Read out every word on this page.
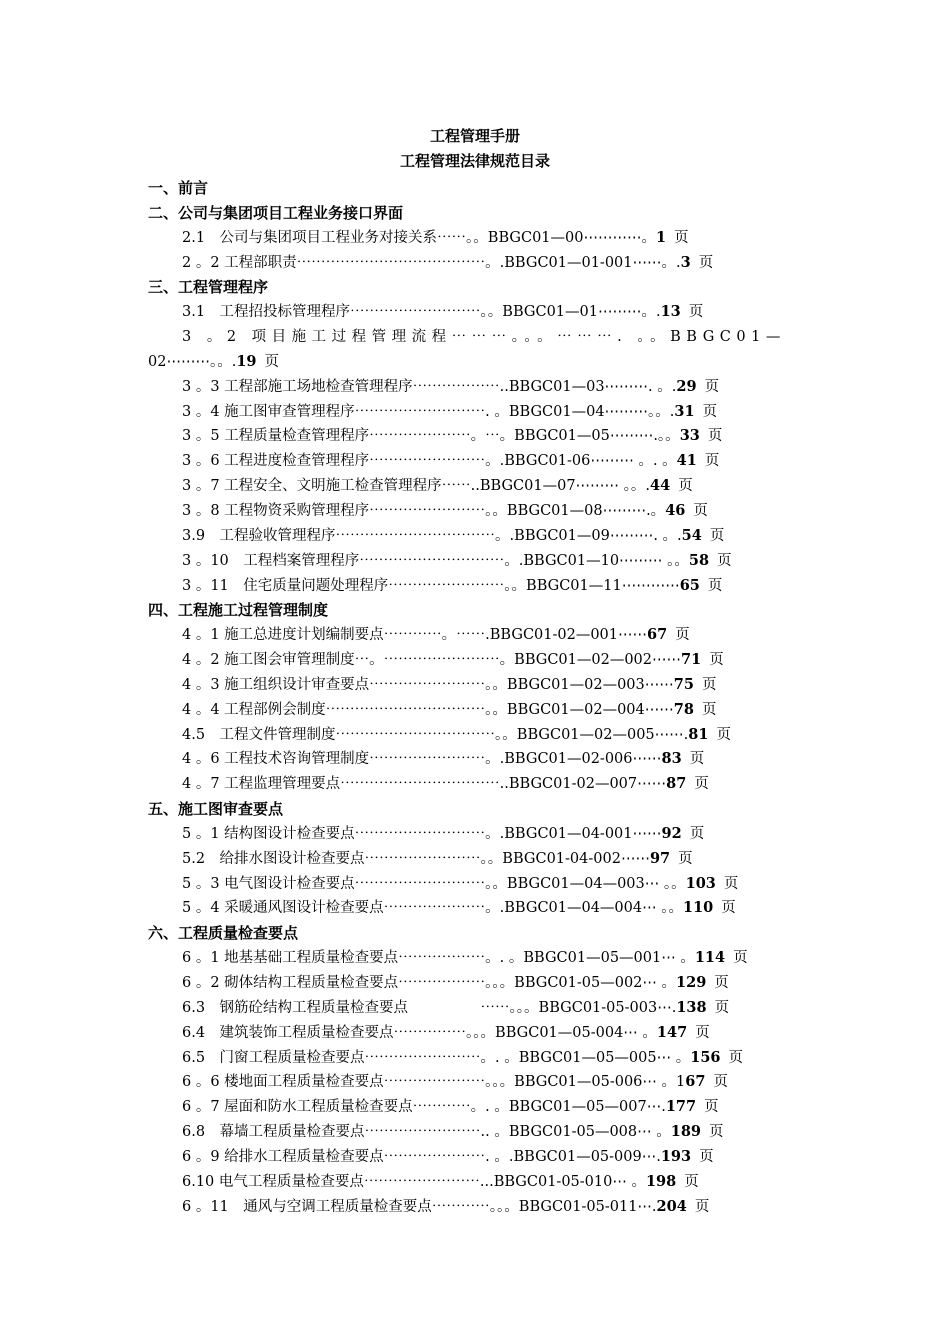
工程管理手册
工程管理法律规范目录
一、前言
二、公司与集团项目工程业务接口界面
2.1　公司与集团项目工程业务对接关系⋯⋯。。BBGC01—00⋯⋯⋯⋯。1 页
2 。2 工程部职责⋯⋯⋯⋯⋯⋯⋯⋯⋯⋯⋯⋯⋯。.BBGC01—01-001⋯⋯。.3 页
三、工程管理程序
3.1　工程招投标管理程序⋯⋯⋯⋯⋯⋯⋯⋯⋯。。BBGC01—01⋯⋯⋯。.13 页
3 。2 项目施工过程管理流程⋯⋯⋯。。。⋯⋯⋯. 。。BBGC01—
02⋯⋯⋯。。.19 页
3 。3 工程部施工场地检查管理程序⋯⋯⋯⋯⋯⋯..BBGC01—03⋯⋯⋯. 。.29 页
3 。4 施工图审查管理程序⋯⋯⋯⋯⋯⋯⋯⋯⋯. 。BBGC01—04⋯⋯⋯。。.31 页
3 。5 工程质量检查管理程序⋯⋯⋯⋯⋯⋯⋯。⋯。BBGC01—05⋯⋯⋯.。。33 页
3 。6 工程进度检查管理程序⋯⋯⋯⋯⋯⋯⋯⋯。.BBGC01-06⋯⋯⋯ 。. 。41 页
3 。7 工程安全、文明施工检查管理程序⋯⋯..BBGC01—07⋯⋯⋯ 。。.44 页
3 。8 工程物资采购管理程序⋯⋯⋯⋯⋯⋯⋯⋯。。BBGC01—08⋯⋯⋯.。46 页
3.9　工程验收管理程序⋯⋯⋯⋯⋯⋯⋯⋯⋯⋯⋯。.BBGC01—09⋯⋯⋯. 。.54 页
3 。10　工程档案管理程序⋯⋯⋯⋯⋯⋯⋯⋯⋯⋯。.BBGC01—10⋯⋯⋯ 。。58 页
3 。11　住宅质量问题处理程序⋯⋯⋯⋯⋯⋯⋯⋯。。BBGC01—11⋯⋯⋯⋯65 页
四、工程施工过程管理制度
4 。1 施工总进度计划编制要点⋯⋯⋯⋯。⋯⋯.BBGC01-02—001⋯⋯67 页
4 。2 施工图会审管理制度⋯。⋯⋯⋯⋯⋯⋯⋯⋯。BBGC01—02—002⋯⋯71 页
4 。3 施工组织设计审查要点⋯⋯⋯⋯⋯⋯⋯⋯。。BBGC01—02—003⋯⋯75 页
4 。4 工程部例会制度⋯⋯⋯⋯⋯⋯⋯⋯⋯⋯⋯。。BBGC01—02—004⋯⋯78 页
4.5　工程文件管理制度⋯⋯⋯⋯⋯⋯⋯⋯⋯⋯⋯。。BBGC01—02—005⋯⋯.81 页
4 。6 工程技术咨询管理制度⋯⋯⋯⋯⋯⋯⋯⋯。.BBGC01—02-006⋯⋯83 页
4 。7 工程监理管理要点⋯⋯⋯⋯⋯⋯⋯⋯⋯⋯⋯..BBGC01-02—007⋯⋯87 页
五、施工图审查要点
5 。1 结构图设计检查要点⋯⋯⋯⋯⋯⋯⋯⋯⋯。.BBGC01—04-001⋯⋯92 页
5.2　给排水图设计检查要点⋯⋯⋯⋯⋯⋯⋯⋯。。BBGC01-04-002⋯⋯97 页
5 。3 电气图设计检查要点⋯⋯⋯⋯⋯⋯⋯⋯⋯。。BBGC01—04—003⋯ 。。103 页
5 。4 采暖通风图设计检查要点⋯⋯⋯⋯⋯⋯⋯。.BBGC01—04—004⋯ 。。110 页
六、工程质量检查要点
6 。1 地基基础工程质量检查要点⋯⋯⋯⋯⋯⋯。. 。BBGC01—05—001⋯ 。114 页
6 。2 砌体结构工程质量检查要点⋯⋯⋯⋯⋯⋯。。。BBGC01-05—002⋯ 。129 页
6.3　钢筋砼结构工程质量检查要点　　　　　⋯⋯。。。BBGC01-05-003⋯.138 页
6.4　建筑装饰工程质量检查要点⋯⋯⋯⋯⋯。。。BBGC01—05-004⋯ 。147 页
6.5　门窗工程质量检查要点⋯⋯⋯⋯⋯⋯⋯⋯。. 。BBGC01—05—005⋯ 。156 页
6 。6 楼地面工程质量检查要点⋯⋯⋯⋯⋯⋯⋯。。。BBGC01—05-006⋯ 。167 页
6 。7 屋面和防水工程质量检查要点⋯⋯⋯⋯。. 。BBGC01—05—007⋯.177 页
6.8　幕墙工程质量检查要点⋯⋯⋯⋯⋯⋯⋯⋯.. 。BBGC01-05—008⋯ 。189 页
6 。9 给排水工程质量检查要点⋯⋯⋯⋯⋯⋯⋯. 。.BBGC01—05-009⋯.193 页
6.10 电气工程质量检查要点⋯⋯⋯⋯⋯⋯⋯⋯...BBGC01-05-010⋯ 。198 页
6 。11　通风与空调工程质量检查要点⋯⋯⋯⋯。。。BBGC01-05-011⋯.204 页
